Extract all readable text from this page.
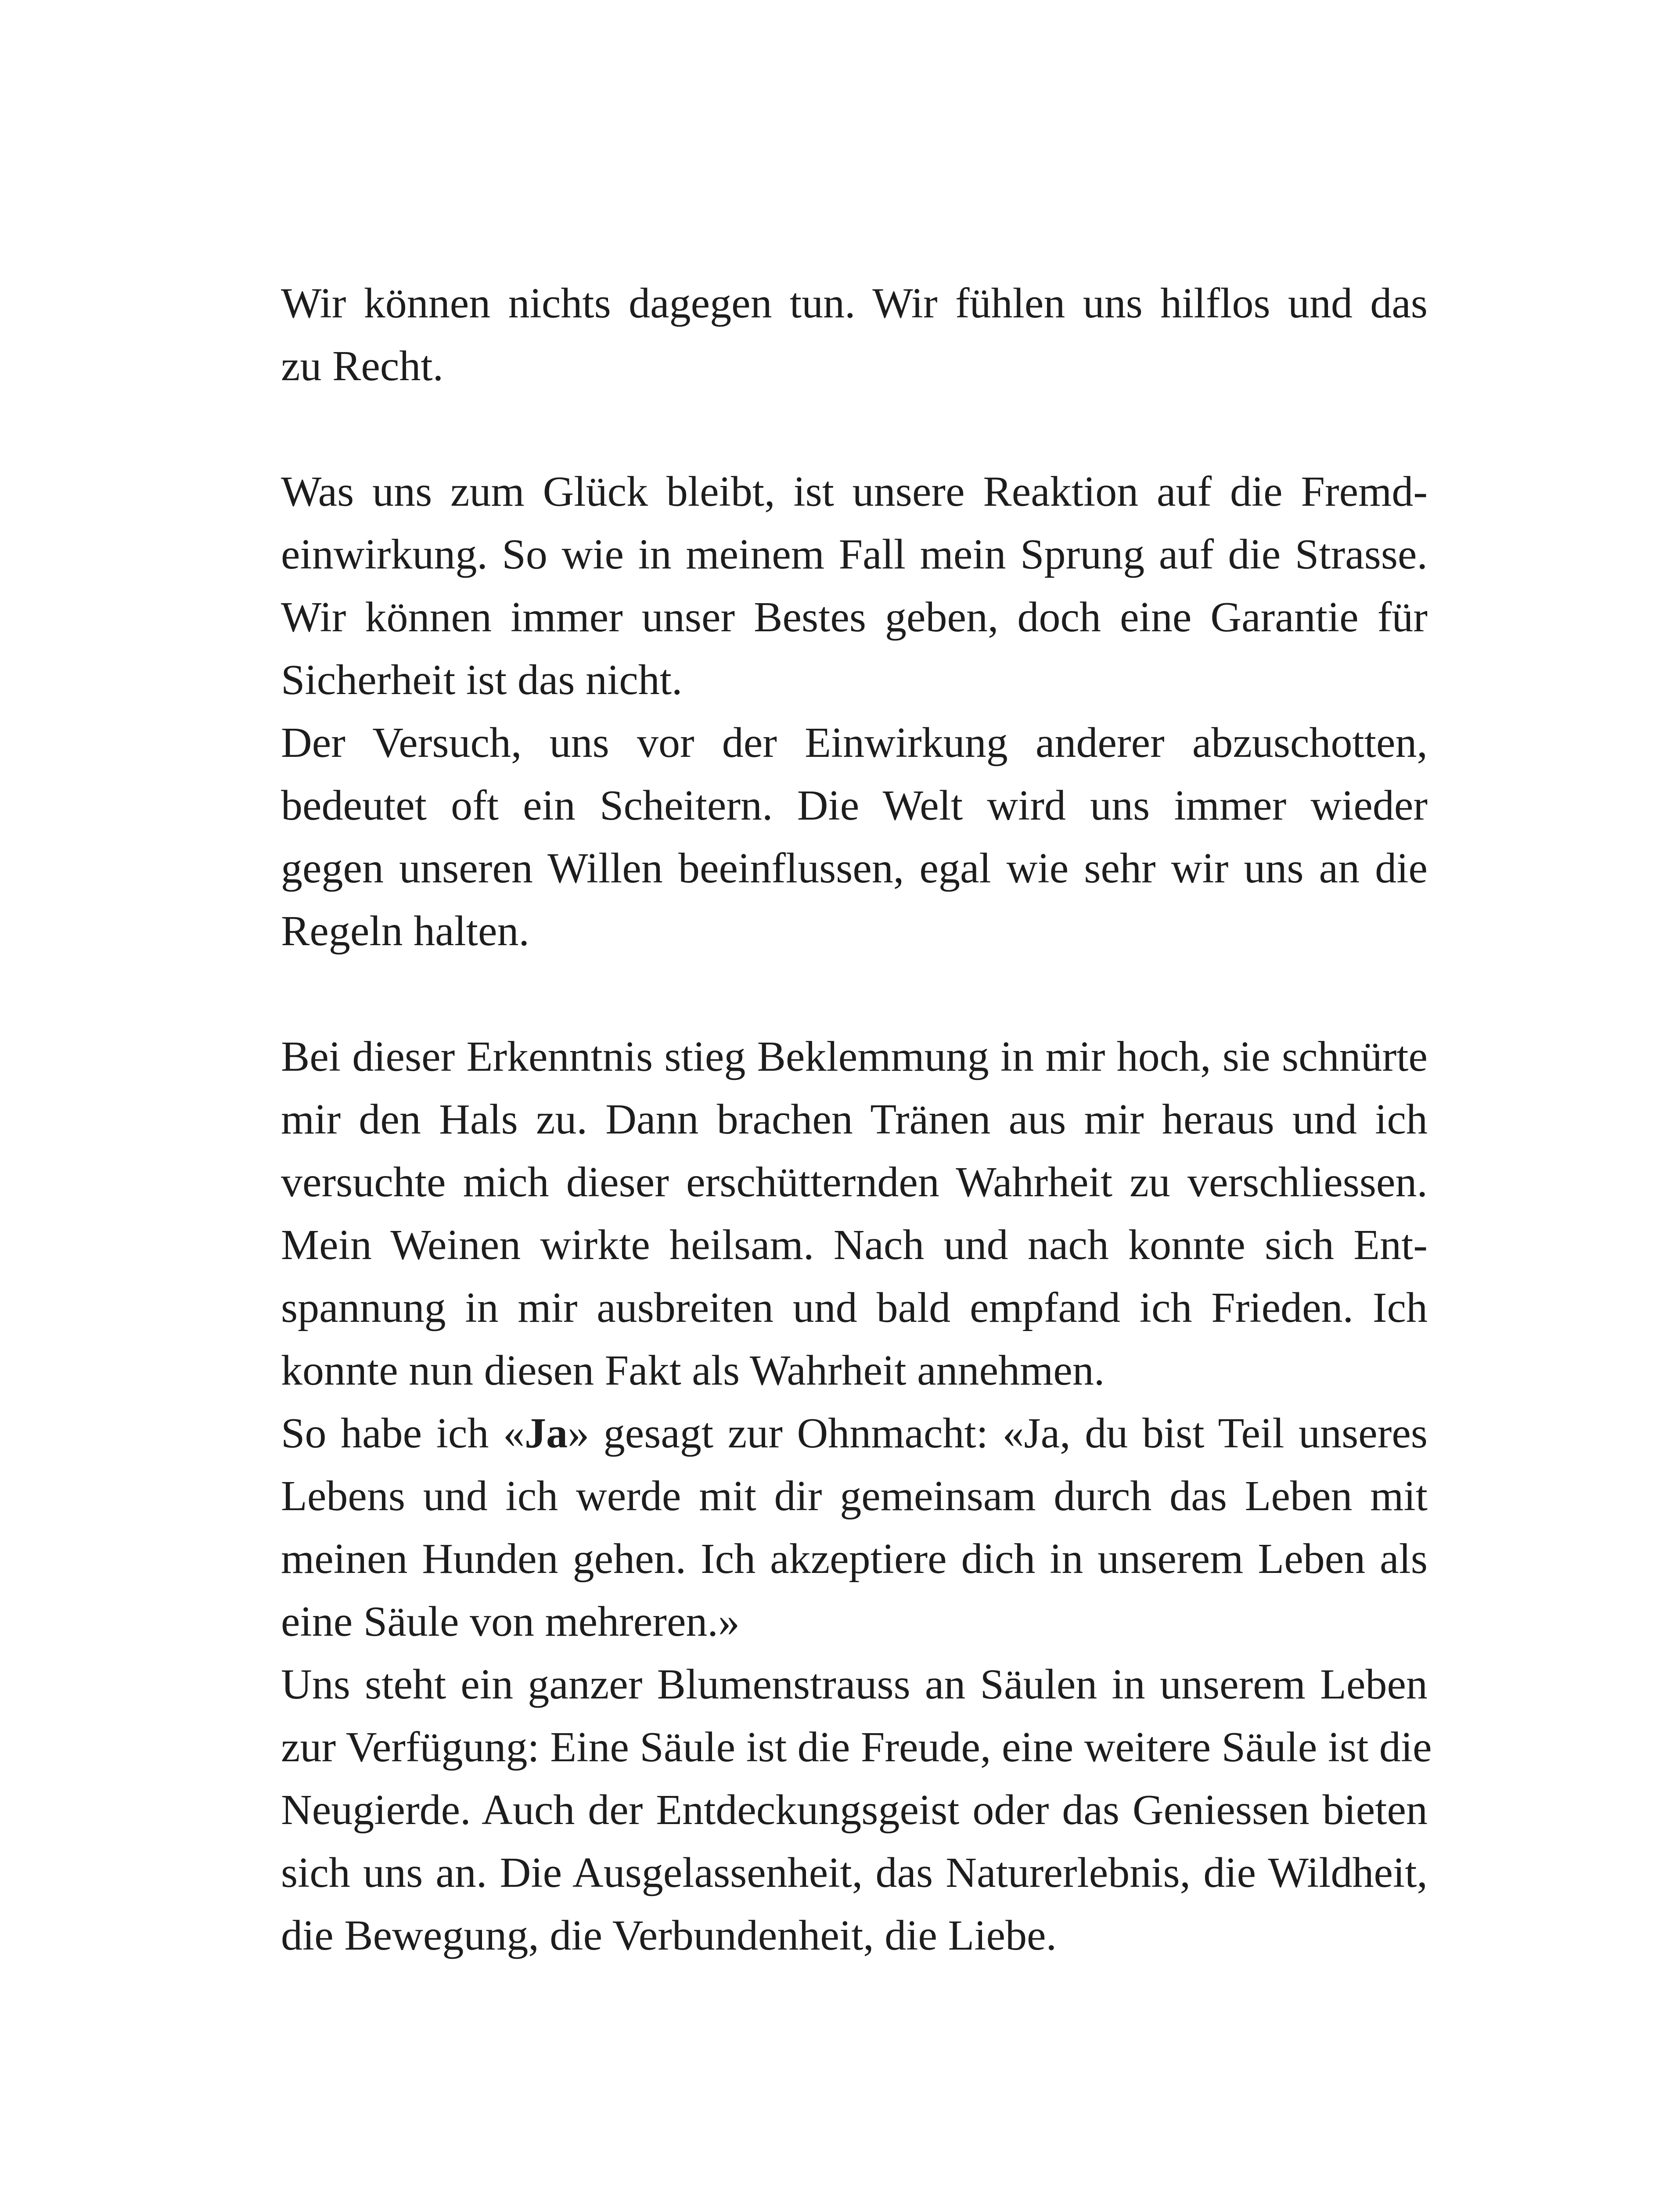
Wir können nichts dagegen tun. Wir fühlen uns hilflos und das
zu Recht.
Was uns zum Glück bleibt, ist unsere Reaktion auf die Fremd-
einwirkung. So wie in meinem Fall mein Sprung auf die Strasse.
Wir können immer unser Bestes geben, doch eine Garantie für
Sicherheit ist das nicht.
Der Versuch, uns vor der Einwirkung anderer abzuschotten,
bedeutet oft ein Scheitern. Die Welt wird uns immer wieder
gegen unseren Willen beeinflussen, egal wie sehr wir uns an die
Regeln halten.
Bei dieser Erkenntnis stieg Beklemmung in mir hoch, sie schnürte
mir den Hals zu. Dann brachen Tränen aus mir heraus und ich
versuchte mich dieser erschütternden Wahrheit zu verschliessen.
Mein Weinen wirkte heilsam. Nach und nach konnte sich Ent-
spannung in mir ausbreiten und bald empfand ich Frieden. Ich
konnte nun diesen Fakt als Wahrheit annehmen.
So habe ich «Ja» gesagt zur Ohnmacht: «Ja, du bist Teil unseres
Lebens und ich werde mit dir gemeinsam durch das Leben mit
meinen Hunden gehen. Ich akzeptiere dich in unserem Leben als
eine Säule von mehreren.»
Uns steht ein ganzer Blumenstrauss an Säulen in unserem Leben
zur Verfügung: Eine Säule ist die Freude, eine weitere Säule ist die
Neugierde. Auch der Entdeckungsgeist oder das Geniessen bieten
sich uns an. Die Ausgelassenheit, das Naturerlebnis, die Wildheit,
die Bewegung, die Verbundenheit, die Liebe.
